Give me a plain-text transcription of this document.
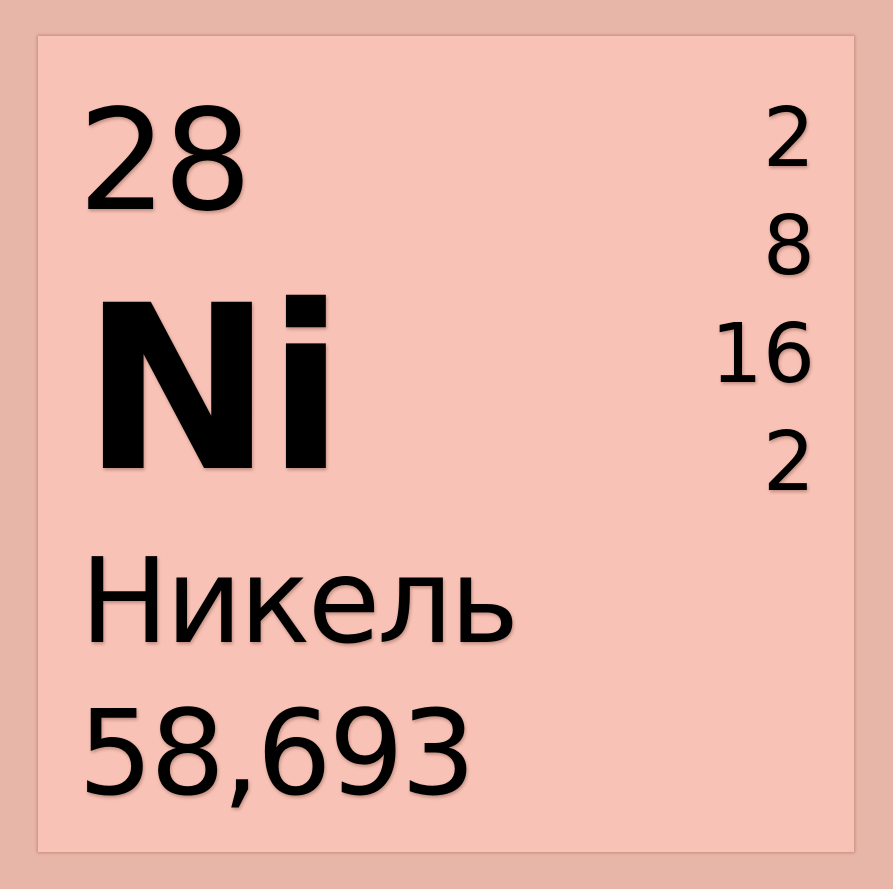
28
Ni
Никель
58,693
2
8
16
2
